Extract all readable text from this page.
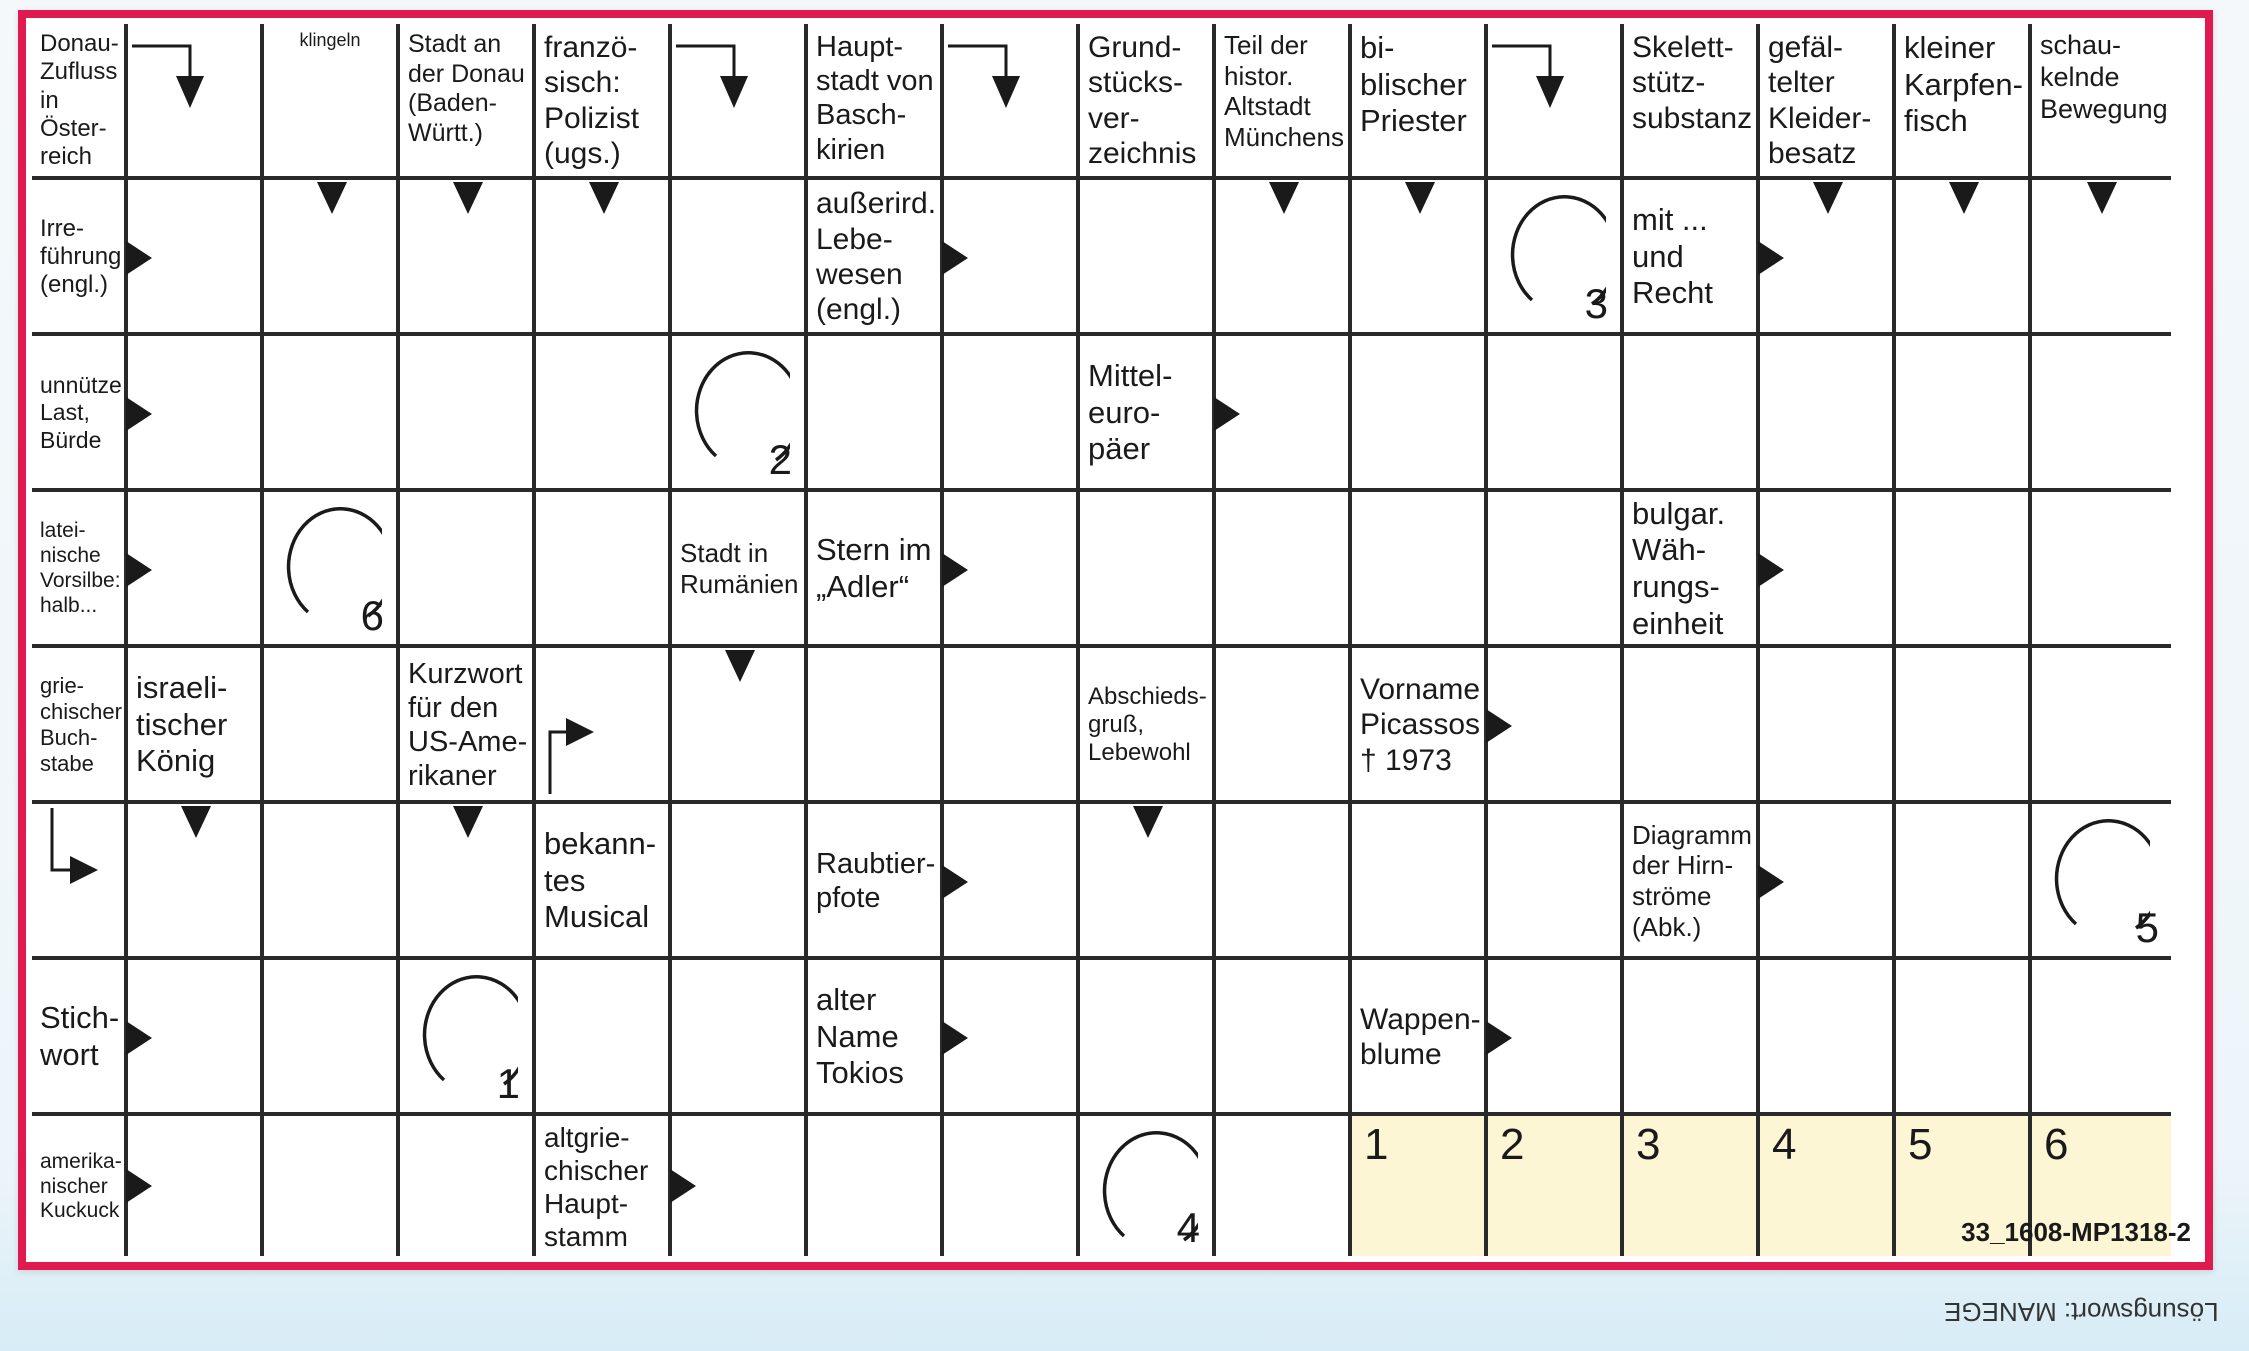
Donau-
Zufluss
in Öster-
reich
klingeln	Stadt an
der Donau
(Baden-
Württ.)
franzö-
sisch:
Polizist
(ugs.)
Haupt-
stadt von
Basch-
kirien
Grund-
stücks-
ver-
zeichnis
Teil der
histor.
Altstadt
Münchens
bi-
blischer
Priester
Skelett-
stütz-
substanz
gefäl-
telter
Kleider-
besatz
kleiner
Karpfen-
fisch
schau-
kelnde
Bewegung
Irre-
führung
(engl.)
außerird.
Lebe-
wesen
(engl.)	3
mit ...
und Recht
unnütze
Last,
Bürde	2
Mittel-
euro-
päer
latei-
nische
Vorsilbe:
halb...	6
Stadt in
Rumänien
Stern im
„Adler“
bulgar.
Wäh-
rungs-
einheit
grie-
chischer
Buch-
stabe
israeli-
tischer
König
Kurzwort
für den
US-Ame-
rikaner
Abschieds-
gruß,
Lebewohl
Vorname
Picassos
† 1973
bekann-
tes
Musical
Raubtier-
pfote
Diagramm
der Hirn-
ströme
(Abk.)	5
Stich-
wort
1
alter
Name
Tokios
Wappen-
blume
amerika-
nischer
Kuckuck
altgrie-
chischer
Haupt-
stamm	4
1	2	3	4	5	6
33_1608-MP1318-2
Lösungswort: MANEGE
